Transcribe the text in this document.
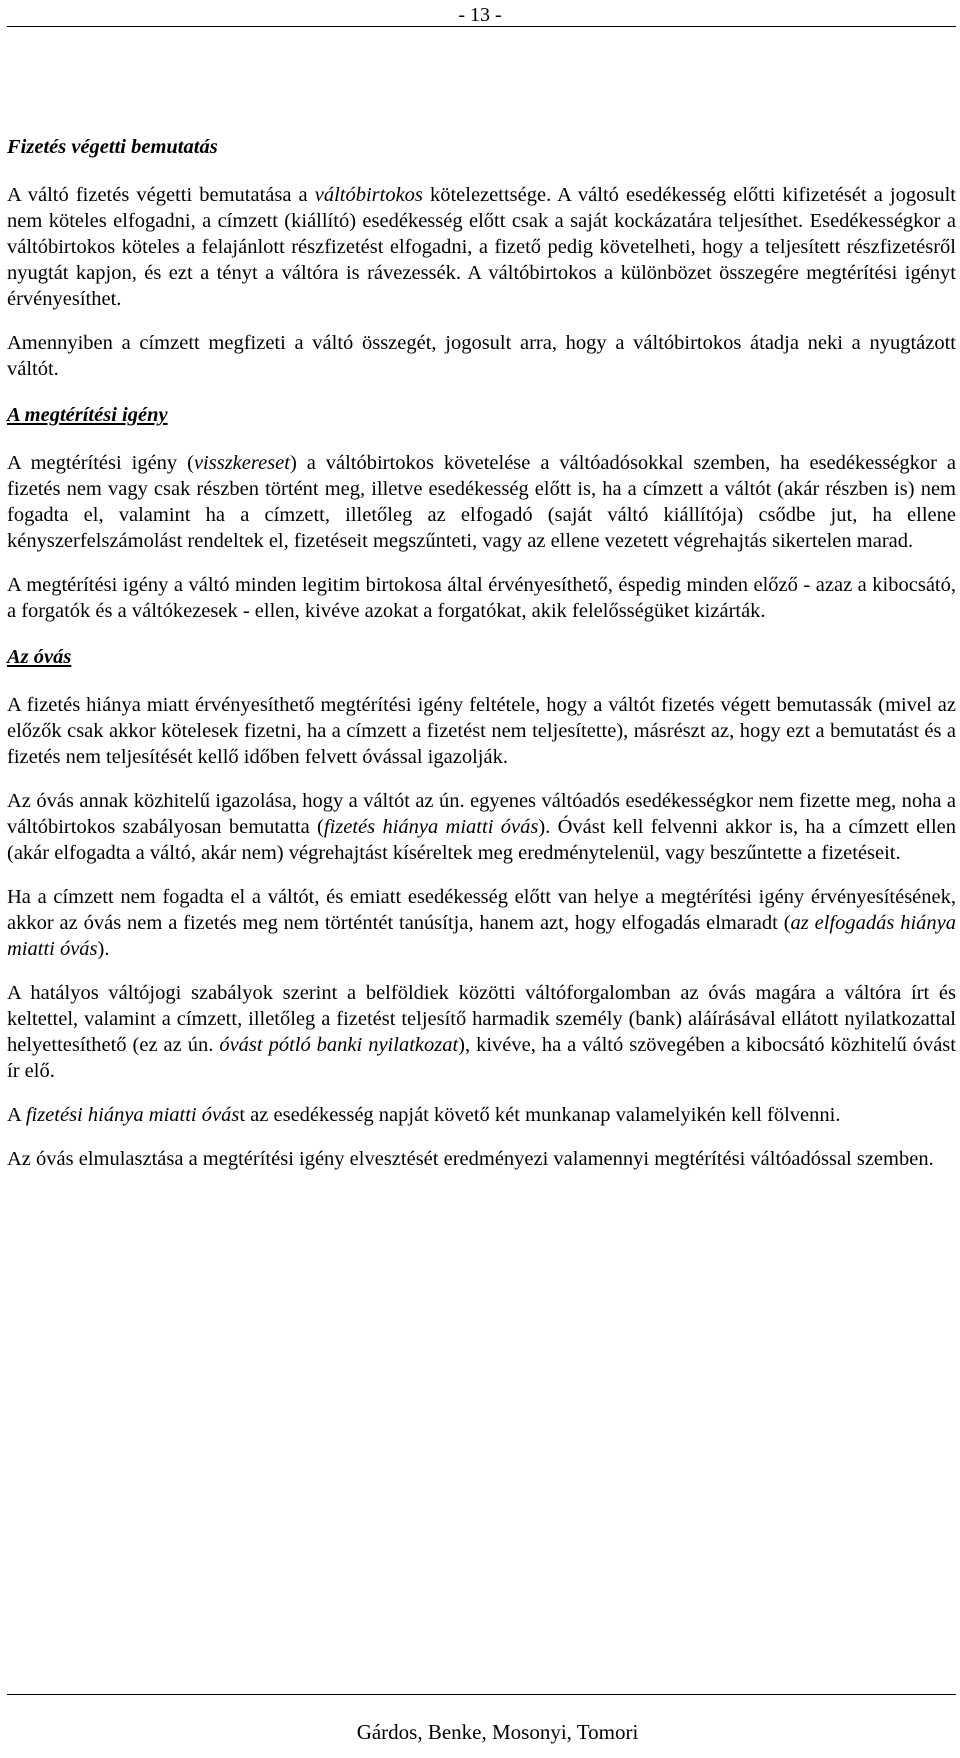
- 13 -
Fizetés végetti bemutatás

A váltó fizetés végetti bemutatása a váltóbirtokos kötelezettsége. A váltó esedékesség előtti kifizetését a jogosult nem köteles elfogadni, a címzett (kiállító) esedékesség előtt csak a saját kockázatára teljesíthet. Esedékességkor a váltóbirtokos köteles a felajánlott részfizetést elfogadni, a fizető pedig követelheti, hogy a teljesített részfizetésről nyugtát kapjon, és ezt a tényt a váltóra is rávezessék. A váltóbirtokos a különbözet összegére megtérítési igényt érvényesíthet.

Amennyiben a címzett megfizeti a váltó összegét, jogosult arra, hogy a váltóbirtokos átadja neki a nyugtázott váltót.

A megtérítési igény

A megtérítési igény (visszkereset) a váltóbirtokos követelése a váltóadósokkal szemben, ha esedékességkor a fizetés nem vagy csak részben történt meg, illetve esedékesség előtt is, ha a címzett a váltót (akár részben is) nem fogadta el, valamint ha a címzett, illetőleg az elfogadó (saját váltó kiállítója) csődbe jut, ha ellene kényszerfelszámolást rendeltek el, fizetéseit megszűnteti, vagy az ellene vezetett végrehajtás sikertelen marad.

A megtérítési igény a váltó minden legitim birtokosa által érvényesíthető, éspedig minden előző - azaz a kibocsátó, a forgatók és a váltókezesek - ellen, kivéve azokat a forgatókat, akik felelősségüket kizárták.

Az óvás

A fizetés hiánya miatt érvényesíthető megtérítési igény feltétele, hogy a váltót fizetés végett bemutassák (mivel az előzők csak akkor kötelesek fizetni, ha a címzett a fizetést nem teljesítette), másrészt az, hogy ezt a bemutatást és a fizetés nem teljesítését kellő időben felvett óvással igazolják.

Az óvás annak közhitelű igazolása, hogy a váltót az ún. egyenes váltóadós esedékességkor nem fizette meg, noha a váltóbirtokos szabályosan bemutatta (fizetés hiánya miatti óvás). Óvást kell felvenni akkor is, ha a címzett ellen (akár elfogadta a váltó, akár nem) végrehajtást kíséreltek meg eredménytelenül, vagy beszűntette a fizetéseit.

Ha a címzett nem fogadta el a váltót, és emiatt esedékesség előtt van helye a megtérítési igény érvényesítésének, akkor az óvás nem a fizetés meg nem történtét tanúsítja, hanem azt, hogy elfogadás elmaradt (az elfogadás hiánya miatti óvás).

A hatályos váltójogi szabályok szerint a belföldiek közötti váltóforgalomban az óvás magára a váltóra írt és keltettel, valamint a címzett, illetőleg a fizetést teljesítő harmadik személy (bank) aláírásával ellátott nyilatkozattal helyettesíthető (ez az ún. óvást pótló banki nyilatkozat), kivéve, ha a váltó szövegében a kibocsátó közhitelű óvást ír elő.

A fizetési hiánya miatti óvást az esedékesség napját követő két munkanap valamelyikén kell fölvenni.

Az óvás elmulasztása a megtérítési igény elvesztését eredményezi valamennyi megtérítési váltóadóssal szemben.

Gárdos, Benke, Mosonyi, Tomori
